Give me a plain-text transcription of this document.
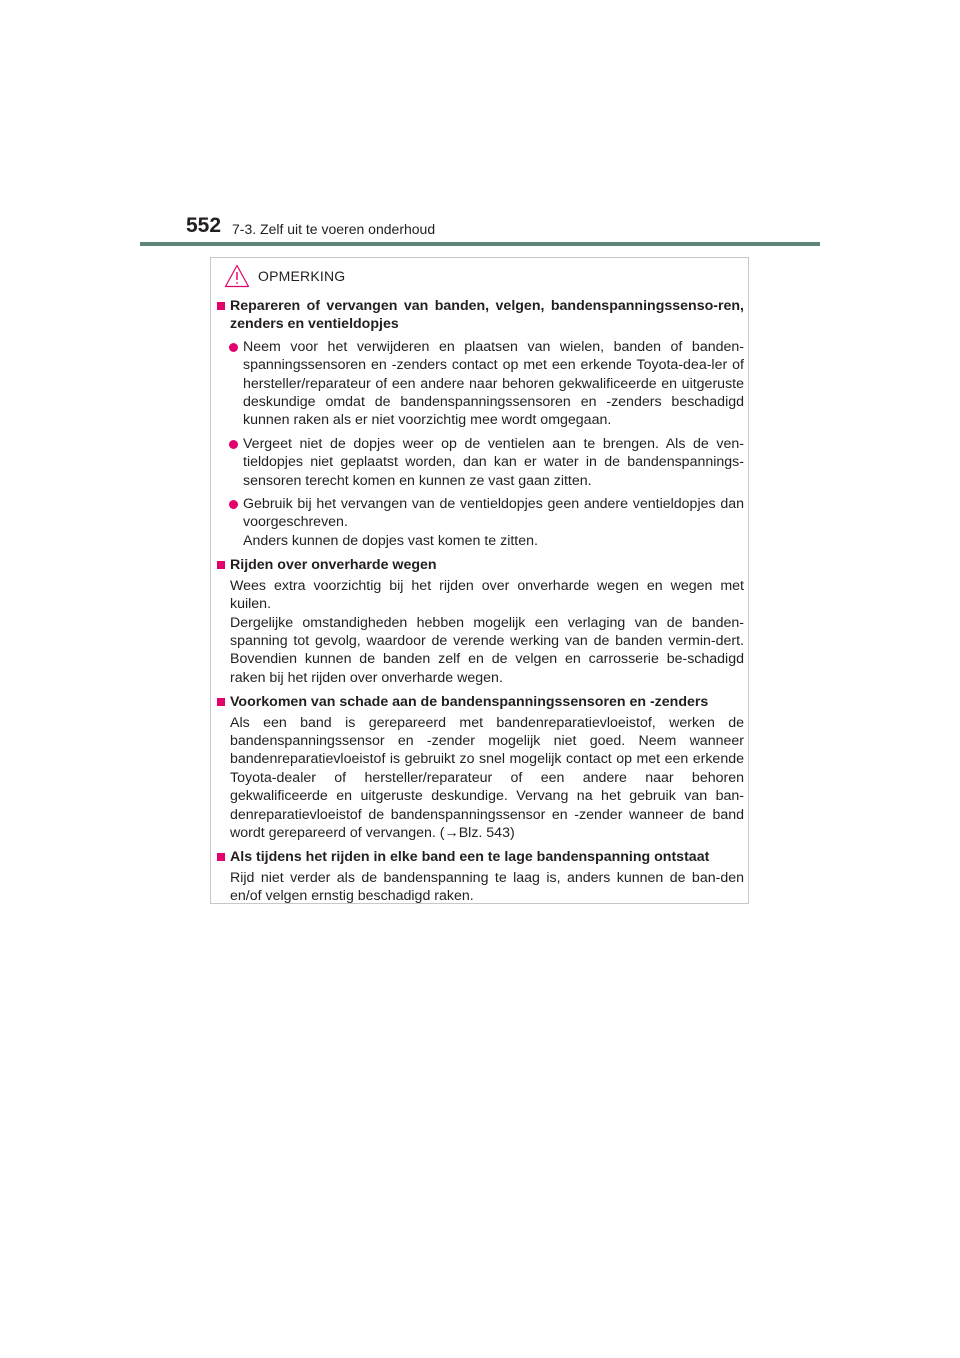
552 7-3. Zelf uit te voeren onderhoud
OPMERKING
Repareren of vervangen van banden, velgen, bandenspanningssenso-ren, zenders en ventieldopjes
Neem voor het verwijderen en plaatsen van wielen, banden of banden-spanningssensoren en -zenders contact op met een erkende Toyota-dea-ler of hersteller/reparateur of een andere naar behoren gekwalificeerde en uitgeruste deskundige omdat de bandenspanningssensoren en -zenders beschadigd kunnen raken als er niet voorzichtig mee wordt omgegaan.
Vergeet niet de dopjes weer op de ventielen aan te brengen. Als de ven-tieldopjes niet geplaatst worden, dan kan er water in de bandenspannings-sensoren terecht komen en kunnen ze vast gaan zitten.
Gebruik bij het vervangen van de ventieldopjes geen andere ventieldopjes dan voorgeschreven.
Anders kunnen de dopjes vast komen te zitten.
Rijden over onverharde wegen
Wees extra voorzichtig bij het rijden over onverharde wegen en wegen met kuilen.
Dergelijke omstandigheden hebben mogelijk een verlaging van de banden-spanning tot gevolg, waardoor de verende werking van de banden vermin-dert. Bovendien kunnen de banden zelf en de velgen en carrosserie be-schadigd raken bij het rijden over onverharde wegen.
Voorkomen van schade aan de bandenspanningssensoren en -zenders
Als een band is gerepareerd met bandenreparatievloeistof, werken de bandenspanningssensor en -zender mogelijk niet goed. Neem wanneer bandenreparatievloeistof is gebruikt zo snel mogelijk contact op met een erkende Toyota-dealer of hersteller/reparateur of een andere naar behoren gekwalificeerde en uitgeruste deskundige. Vervang na het gebruik van ban-denreparatievloeistof de bandenspanningssensor en -zender wanneer de band wordt gerepareerd of vervangen. (→Blz. 543)
Als tijdens het rijden in elke band een te lage bandenspanning ontstaat
Rijd niet verder als de bandenspanning te laag is, anders kunnen de ban-den en/of velgen ernstig beschadigd raken.
